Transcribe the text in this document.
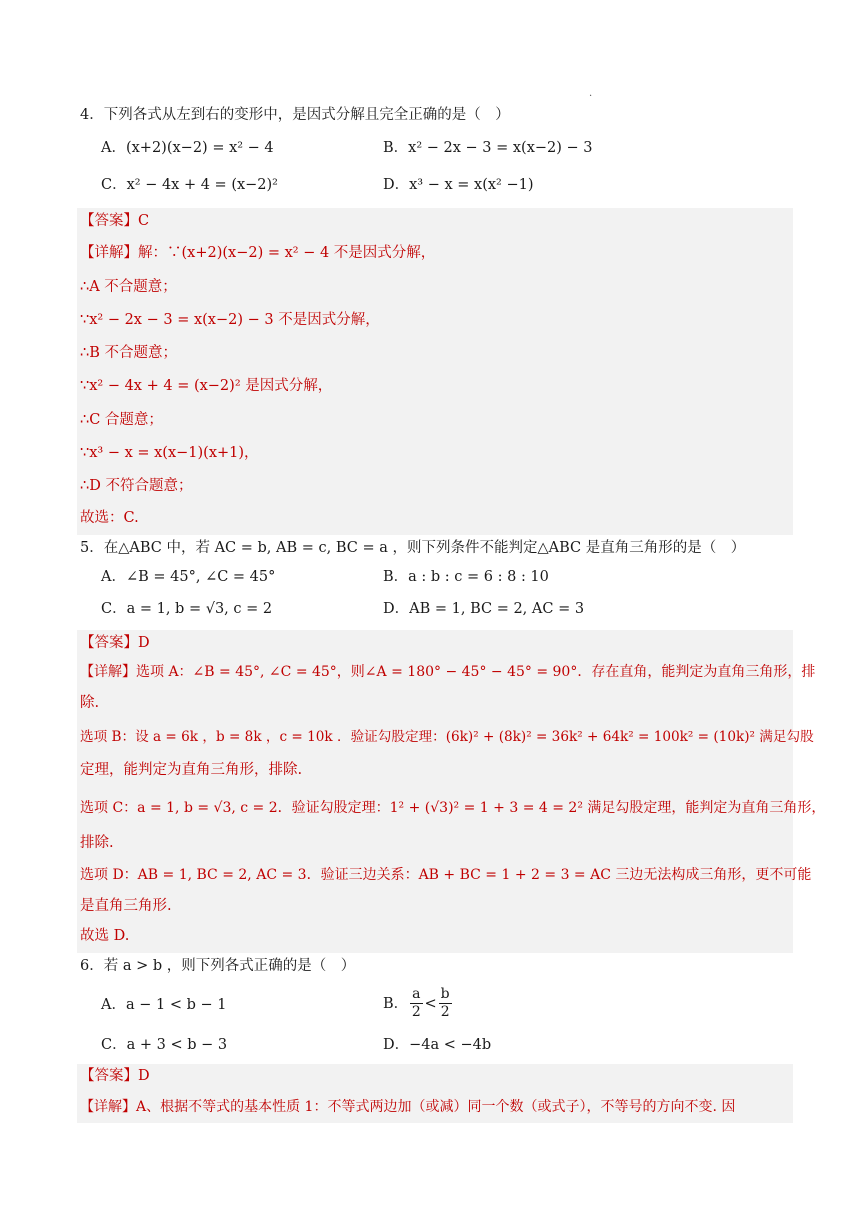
.
4．下列各式从左到右的变形中，是因式分解且完全正确的是（　）
A．(x+2)(x−2) = x² − 4	B．x² − 2x − 3 = x(x−2) − 3
C．x² − 4x + 4 = (x−2)²	D．x³ − x = x(x² −1)
【答案】C
【详解】解：∵(x+2)(x−2) = x² − 4 不是因式分解，
∴A 不合题意；
∵x² − 2x − 3 = x(x−2) − 3 不是因式分解，
∴B 不合题意；
∵x² − 4x + 4 = (x−2)² 是因式分解，
∴C 合题意；
∵x³ − x = x(x−1)(x+1)，
∴D 不符合题意；
故选：C.
5．在△ABC 中，若 AC = b, AB = c, BC = a ，则下列条件不能判定△ABC 是直角三角形的是（　）
A．∠B = 45°, ∠C = 45°	B．a : b : c = 6 : 8 : 10
C．a = 1, b = √3, c = 2	D．AB = 1, BC = 2, AC = 3
【答案】D
【详解】选项 A：∠B = 45°, ∠C = 45°，则∠A = 180° − 45° − 45° = 90°．存在直角，能判定为直角三角形，排
除.
选项 B：设 a = 6k ，b = 8k ，c = 10k ．验证勾股定理：(6k)² + (8k)² = 36k² + 64k² = 100k² = (10k)² 满足勾股
定理，能判定为直角三角形，排除.
选项 C：a = 1, b = √3, c = 2．验证勾股定理：1² + (√3)² = 1 + 3 = 4 = 2² 满足勾股定理，能判定为直角三角形，
排除.
选项 D：AB = 1, BC = 2, AC = 3．验证三边关系：AB + BC = 1 + 2 = 3 = AC 三边无法构成三角形，更不可能
是直角三角形.
故选 D.
6．若 a > b ，则下列各式正确的是（　）
A．a − 1 < b − 1	B． $\frac{a}{2} < \frac{b}{2}$
C．a + 3 < b − 3	D．−4a < −4b
【答案】D
【详解】A、根据不等式的基本性质 1：不等式两边加（或减）同一个数（或式子），不等号的方向不变. 因
